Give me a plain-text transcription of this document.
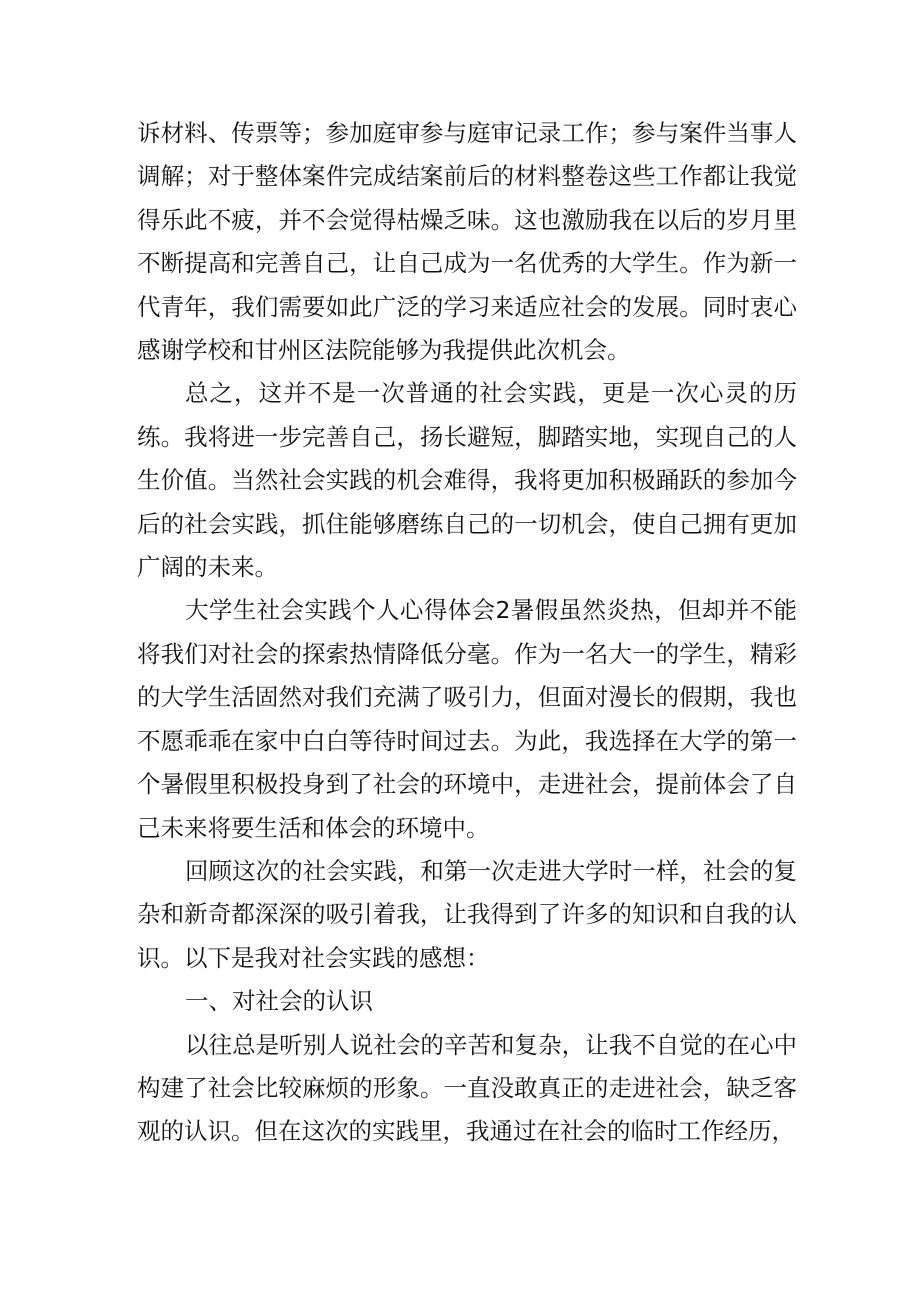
诉材料、传票等；参加庭审参与庭审记录工作；参与案件当事人调解；对于整体案件完成结案前后的材料整卷这些工作都让我觉得乐此不疲，并不会觉得枯燥乏味。这也激励我在以后的岁月里不断提高和完善自己，让自己成为一名优秀的大学生。作为新一代青年，我们需要如此广泛的学习来适应社会的发展。同时衷心感谢学校和甘州区法院能够为我提供此次机会。

总之，这并不是一次普通的社会实践，更是一次心灵的历练。我将进一步完善自己，扬长避短，脚踏实地，实现自己的人生价值。当然社会实践的机会难得，我将更加积极踊跃的参加今后的社会实践，抓住能够磨练自己的一切机会，使自己拥有更加广阔的未来。

大学生社会实践个人心得体会2暑假虽然炎热，但却并不能将我们对社会的探索热情降低分毫。作为一名大一的学生，精彩的大学生活固然对我们充满了吸引力，但面对漫长的假期，我也不愿乖乖在家中白白等待时间过去。为此，我选择在大学的第一个暑假里积极投身到了社会的环境中，走进社会，提前体会了自己未来将要生活和体会的环境中。

回顾这次的社会实践，和第一次走进大学时一样，社会的复杂和新奇都深深的吸引着我，让我得到了许多的知识和自我的认识。以下是我对社会实践的感想：

一、对社会的认识

以往总是听别人说社会的辛苦和复杂，让我不自觉的在心中构建了社会比较麻烦的形象。一直没敢真正的走进社会，缺乏客观的认识。但在这次的实践里，我通过在社会的临时工作经历，
